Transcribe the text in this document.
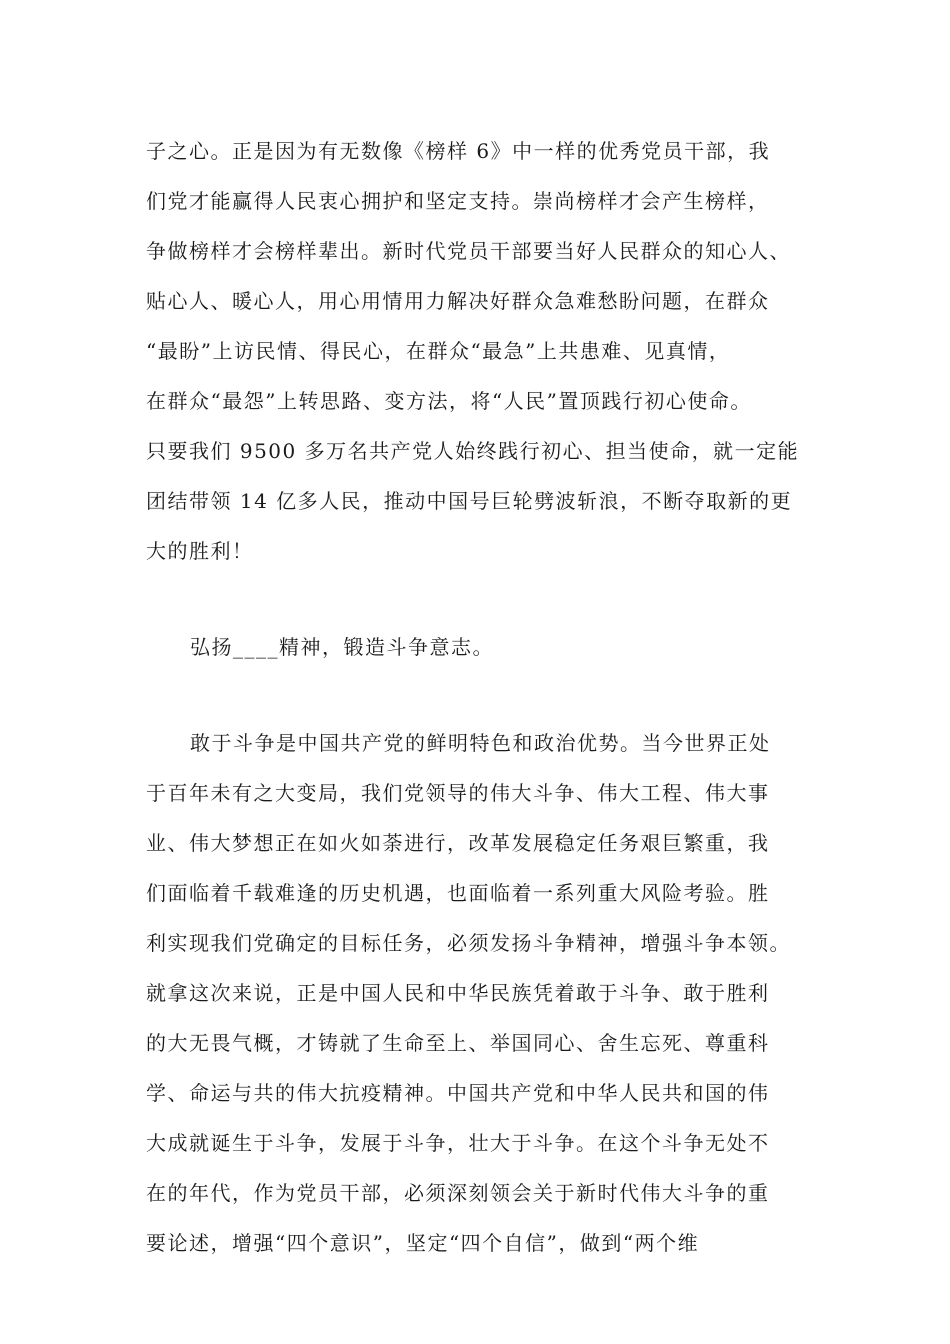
子之心。正是因为有无数像《榜样 6》中一样的优秀党员干部，我
们党才能赢得人民衷心拥护和坚定支持。崇尚榜样才会产生榜样，
争做榜样才会榜样辈出。新时代党员干部要当好人民群众的知心人、
贴心人、暖心人，用心用情用力解决好群众急难愁盼问题，在群众
“最盼”上访民情、得民心，在群众“最急”上共患难、见真情，
在群众“最怨”上转思路、变方法，将“人民”置顶践行初心使命。
只要我们 9500 多万名共产党人始终践行初心、担当使命，就一定能
团结带领 14 亿多人民，推动中国号巨轮劈波斩浪，不断夺取新的更
大的胜利！
弘扬____精神，锻造斗争意志。
敢于斗争是中国共产党的鲜明特色和政治优势。当今世界正处
于百年未有之大变局，我们党领导的伟大斗争、伟大工程、伟大事
业、伟大梦想正在如火如荼进行，改革发展稳定任务艰巨繁重，我
们面临着千载难逢的历史机遇，也面临着一系列重大风险考验。胜
利实现我们党确定的目标任务，必须发扬斗争精神，增强斗争本领。
就拿这次来说，正是中国人民和中华民族凭着敢于斗争、敢于胜利
的大无畏气概，才铸就了生命至上、举国同心、舍生忘死、尊重科
学、命运与共的伟大抗疫精神。中国共产党和中华人民共和国的伟
大成就诞生于斗争，发展于斗争，壮大于斗争。在这个斗争无处不
在的年代，作为党员干部，必须深刻领会关于新时代伟大斗争的重
要论述，增强“四个意识”，坚定“四个自信”，做到“两个维
